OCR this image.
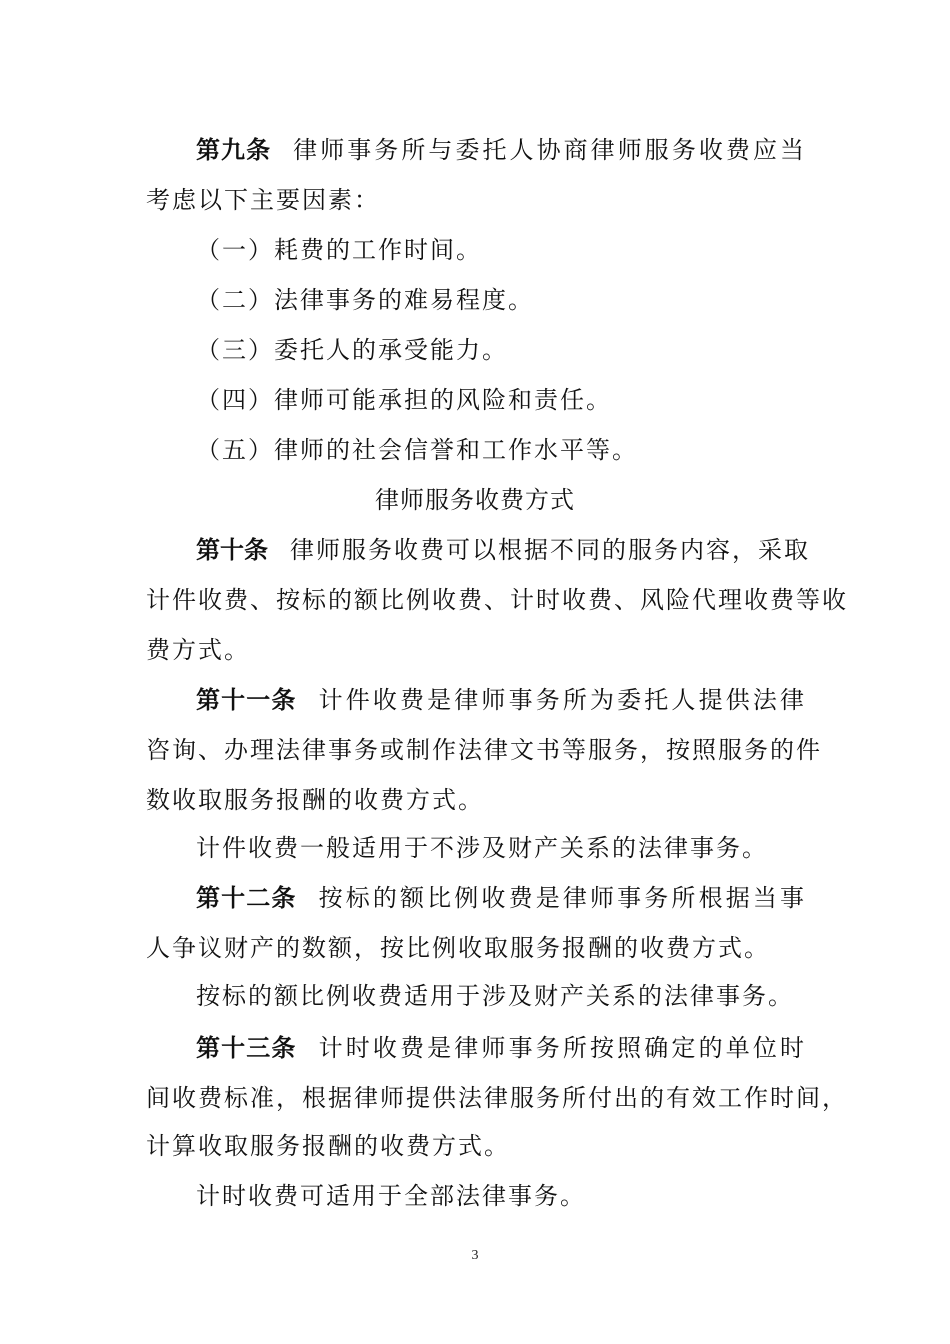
第九条 律师事务所与委托人协商律师服务收费应当
考虑以下主要因素：
（一）耗费的工作时间。
（二）法律事务的难易程度。
（三）委托人的承受能力。
（四）律师可能承担的风险和责任。
（五）律师的社会信誉和工作水平等。
律师服务收费方式
第十条 律师服务收费可以根据不同的服务内容，采取
计件收费、按标的额比例收费、计时收费、风险代理收费等收
费方式。
第十一条 计件收费是律师事务所为委托人提供法律
咨询、办理法律事务或制作法律文书等服务，按照服务的件
数收取服务报酬的收费方式。
计件收费一般适用于不涉及财产关系的法律事务。
第十二条 按标的额比例收费是律师事务所根据当事
人争议财产的数额，按比例收取服务报酬的收费方式。
按标的额比例收费适用于涉及财产关系的法律事务。
第十三条 计时收费是律师事务所按照确定的单位时
间收费标准，根据律师提供法律服务所付出的有效工作时间，
计算收取服务报酬的收费方式。
计时收费可适用于全部法律事务。
3
